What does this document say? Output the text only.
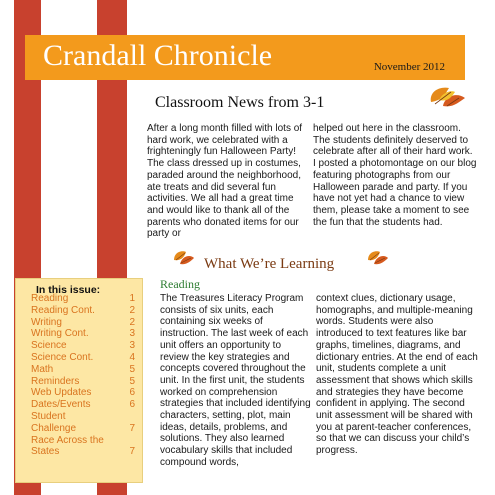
Crandall Chronicle	November 2012
Classroom News from 3-1
After a long month filled with lots of hard work, we celebrated with a frighteningly fun Halloween Party! The class dressed up in costumes, paraded around the neighborhood, ate treats and did several fun activities. We all had a great time and would like to thank all of the parents who donated items for our party or
helped out here in the classroom. The students definitely deserved to celebrate after all of their hard work. I posted a photomontage on our blog featuring photographs from our Halloween parade and party. If you have not yet had a chance to view them, please take a moment to see the fun that the students had.
What We’re Learning
Reading
The Treasures Literacy Program consists of six units, each containing six weeks of instruction. The last week of each unit offers an opportunity to review the key strategies and concepts covered throughout the unit. In the first unit, the students worked on comprehension strategies that included identifying characters, setting, plot, main ideas, details, problems, and solutions. They also learned vocabulary skills that included compound words,
context clues, dictionary usage, homographs, and multiple-meaning words. Students were also introduced to text features like bar graphs, timelines, diagrams, and dictionary entries. At the end of each unit, students complete a unit assessment that shows which skills and strategies they have become confident in applying. The second unit assessment will be shared with you at parent-teacher conferences, so that we can discuss your child’s progress.
In this issue:
Reading	1
Reading Cont.	2
Writing	2
Writing Cont.	3
Science	3
Science Cont.	4
Math	5
Reminders	5
Web Updates	6
Dates/Events	6
Student Challenge	7
Race Across the States	7
